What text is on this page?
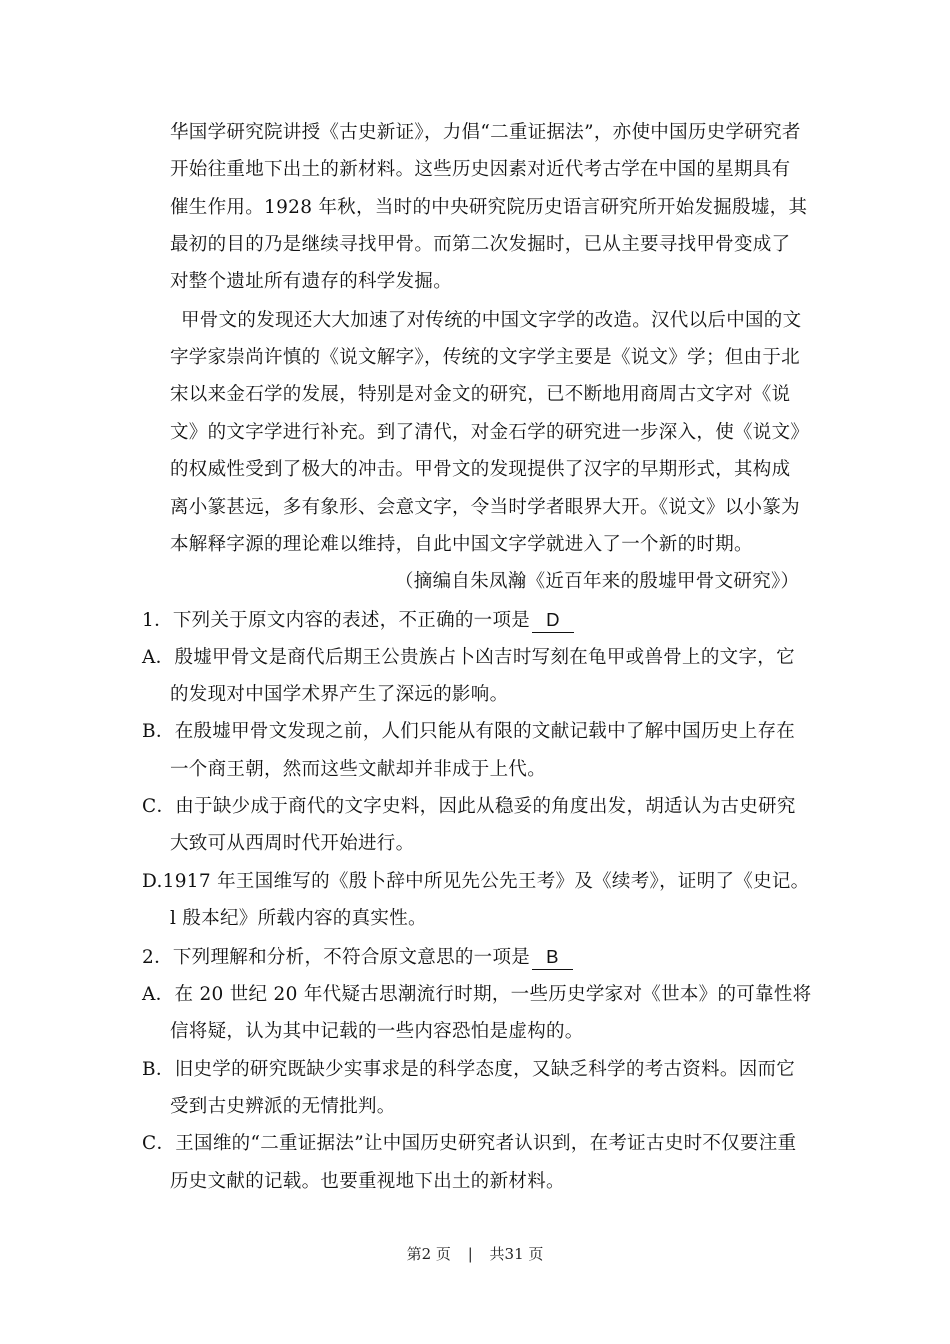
华国学研究院讲授《古史新证》，力倡“二重证据法”，亦使中国历史学研究者
开始往重地下出土的新材料。这些历史因素对近代考古学在中国的星期具有
催生作用。1928 年秋，当时的中央研究院历史语言研究所开始发掘殷墟，其
最初的目的乃是继续寻找甲骨。而第二次发掘时，已从主要寻找甲骨变成了
对整个遗址所有遗存的科学发掘。
甲骨文的发现还大大加速了对传统的中国文字学的改造。汉代以后中国的文
字学家崇尚许慎的《说文解字》，传统的文字学主要是《说文》学；但由于北
宋以来金石学的发展，特别是对金文的研究，已不断地用商周古文字对《说
文》的文字学进行补充。到了清代，对金石学的研究进一步深入，使《说文》
的权威性受到了极大的冲击。甲骨文的发现提供了汉字的早期形式，其构成
离小篆甚远，多有象形、会意文字，令当时学者眼界大开。《说文》以小篆为
本解释字源的理论难以维持，自此中国文字学就进入了一个新的时期。
（摘编自朱凤瀚《近百年来的殷墟甲骨文研究》）
1．下列关于原文内容的表述，不正确的一项是 D
A．殷墟甲骨文是商代后期王公贵族占卜凶吉时写刻在龟甲或兽骨上的文字，它
的发现对中国学术界产生了深远的影响。
B．在殷墟甲骨文发现之前，人们只能从有限的文献记载中了解中国历史上存在
一个商王朝，然而这些文献却并非成于上代。
C．由于缺少成于商代的文字史料，因此从稳妥的角度出发，胡适认为古史研究
大致可从西周时代开始进行。
D.1917 年王国维写的《殷卜辞中所见先公先王考》及《续考》，证明了《史记。
l 殷本纪》所载内容的真实性。
2．下列理解和分析，不符合原文意思的一项是 B
A．在 20 世纪 20 年代疑古思潮流行时期，一些历史学家对《世本》的可靠性将
信将疑，认为其中记载的一些内容恐怕是虚构的。
B．旧史学的研究既缺少实事求是的科学态度，又缺乏科学的考古资料。因而它
受到古史辨派的无情批判。
C．王国维的“二重证据法”让中国历史研究者认识到，在考证古史时不仅要注重
历史文献的记载。也要重视地下出土的新材料。
第2 页 | 共31 页
